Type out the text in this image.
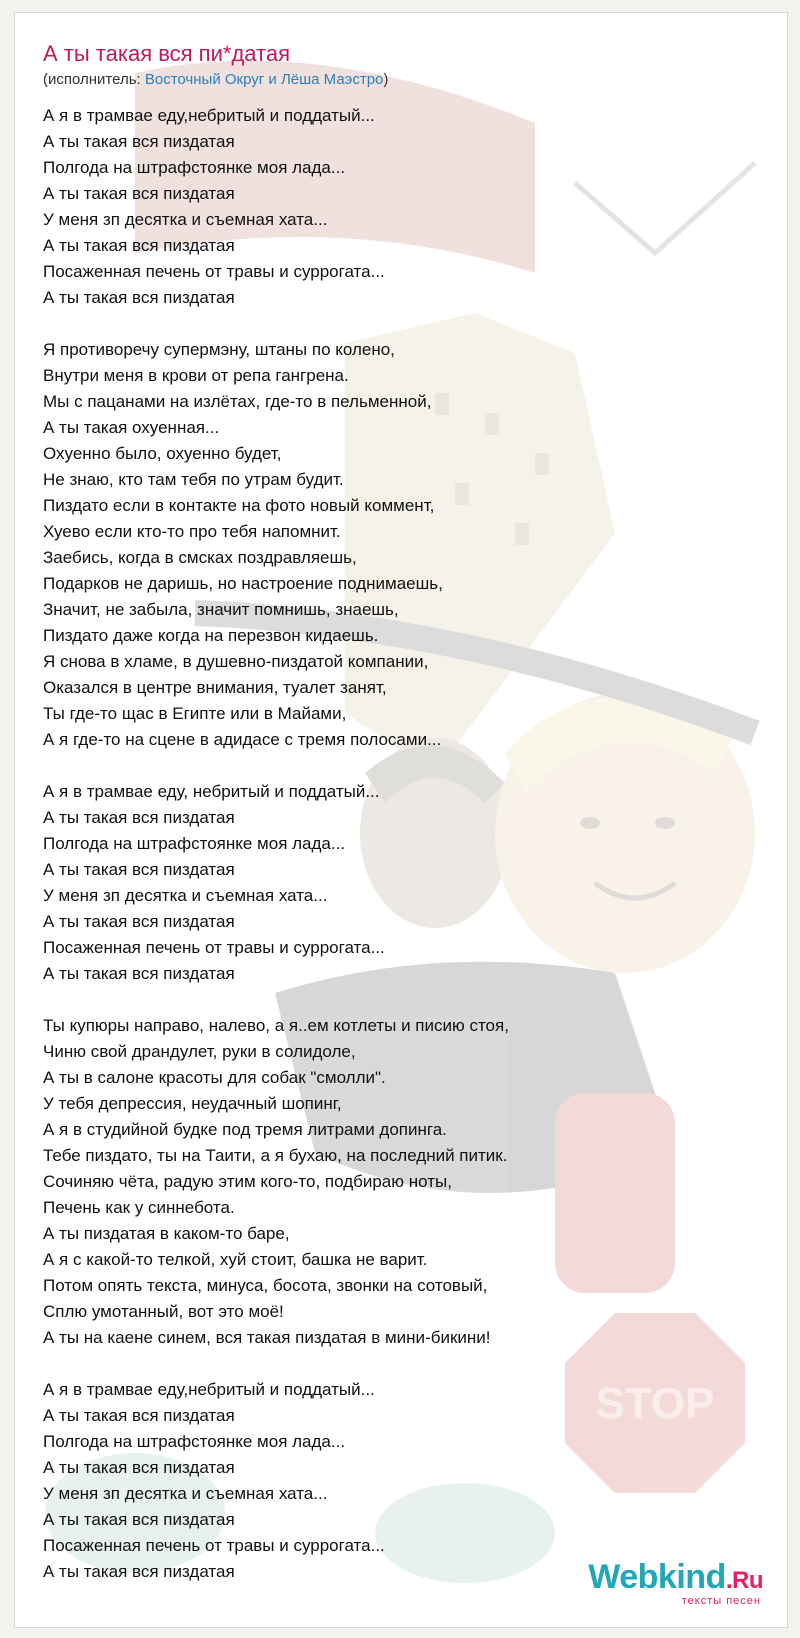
STOP
А ты такая вся пи*датая
(исполнитель: Восточный Округ и Лёша Маэстро)
А я в трамвае еду,небритый и поддатый...
А ты такая вся пиздатая
Полгода на штрафстоянке моя лада...
А ты такая вся пиздатая
У меня зп десятка и съемная хата...
А ты такая вся пиздатая
Посаженная печень от травы и суррогата...
А ты такая вся пиздатая
Я противоречу супермэну, штаны по колено,
Внутри меня в крови от репа гангрена.
Мы с пацанами на излётах, где-то в пельменной,
А ты такая охуенная...
Охуенно было, охуенно будет,
Не знаю, кто там тебя по утрам будит.
Пиздато если в контакте на фото новый коммент,
Хуево если кто-то про тебя напомнит.
Заебись, когда в смсках поздравляешь,
Подарков не даришь, но настроение поднимаешь,
Значит, не забыла, значит помнишь, знаешь,
Пиздато даже когда на перезвон кидаешь.
Я снова в хламе, в душевно-пиздатой компании,
Оказался в центре внимания, туалет занят,
Ты где-то щас в Египте или в Майами,
А я где-то на сцене в адидасе с тремя полосами...
А я в трамвае еду, небритый и поддатый...
А ты такая вся пиздатая
Полгода на штрафстоянке моя лада...
А ты такая вся пиздатая
У меня зп десятка и съемная хата...
А ты такая вся пиздатая
Посаженная печень от травы и суррогата...
А ты такая вся пиздатая
Ты купюры направо, налево, а я..ем котлеты и писию стоя,
Чиню свой драндулет, руки в солидоле,
А ты в салоне красоты для собак "смолли".
У тебя депрессия, неудачный шопинг,
А я в студийной будке под тремя литрами допинга.
Тебе пиздато, ты на Таити, а я бухаю, на последний питик.
Сочиняю чёта, радую этим кого-то, подбираю ноты,
Печень как у синнебота.
А ты пиздатая в каком-то баре,
А я с какой-то телкой, хуй стоит, башка не варит.
Потом опять текста, минуса, босота, звонки на сотовый,
Сплю умотанный, вот это моё!
А ты на каене синем, вся такая пиздатая в мини-бикини!
А я в трамвае еду,небритый и поддатый...
А ты такая вся пиздатая
Полгода на штрафстоянке моя лада...
А ты такая вся пиздатая
У меня зп десятка и съемная хата...
А ты такая вся пиздатая
Посаженная печень от травы и суррогата...
А ты такая вся пиздатая	Webkind.Ru
тексты песен
